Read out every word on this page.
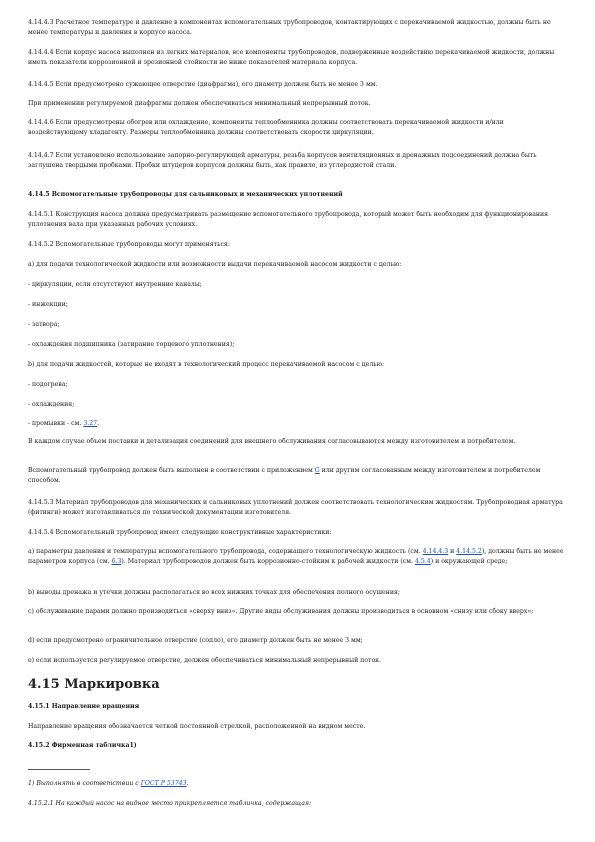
4.14.4.3 Расчетное температуре и давление в компонентах вспомогательных трубопроводов, контактирующих с перекачиваемой жидкостью, должны быть не менее температуры и давления в корпусе насоса.
4.14.4.4 Если корпус насоса выполнен из легких материалов, все компоненты трубопроводов, подверженные воздействию перекачиваемой жидкости, должны иметь показатели коррозионной и эрозионной стойкости не ниже показателей материала корпуса.
4.14.4.5 Если предусмотрено сужающее отверстие (диафрагма), его диаметр должен быть не менее 3 мм.
При применении регулируемой диафрагмы должен обеспечиваться минимальный непрерывный поток.
4.14.4.6 Если предусмотрены обогрев или охлаждение, компоненты теплообменника должны соответствовать перекачиваемой жидкости и/или воздействующему хладагенту. Размеры теплообменника должны соответствовать скорости циркуляции.
4.14.4.7 Если установлено использование запорно-регулирующей арматуры, резьба корпусов вентиляционных и дренажных подсоединений должна быть заглушена твердыми пробками. Пробки штуцеров корпусов должны быть, как правило, из углеродистой стали.
4.14.5 Вспомогательные трубопроводы для сальниковых и механических уплотнений
4.14.5.1 Конструкция насоса должна предусматривать размещение вспомогательного трубопровода, который может быть необходим для функционирования уплотнения вала при указанных рабочих условиях.
4.14.5.2 Вспомогательные трубопроводы могут применяться:
а) для подачи технологической жидкости или возможности выдачи перекачиваемой насосом жидкости с целью:
- циркуляции, если отсутствуют внутренние каналы;
- инжекции;
- затвора;
- охлаждения подшипника (затирание торцевого уплотнения);
b) для подачи жидкостей, которые не входят в технологический процесс перекачиваемой насосом с целью:
- подогрева;
- охлаждения;
- промывки - см. 3.27.
В каждом случае объем поставки и детализация соединений для внешнего обслуживания согласовываются между изготовителем и потребителем.
Вспомогательный трубопровод должен быть выполнен в соответствии с приложением G или другим согласованным между изготовителем и потребителем способом.
4.14.5.3 Материал трубопроводов для механических и сальниковых уплотнений должен соответствовать технологическим жидкостям. Трубопроводная арматура (фитинги) может изготавливаться по технической документации изготовителя.
4.14.5.4 Вспомогательный трубопровод имеет следующие конструктивные характеристики:
а) параметры давления и температуры вспомогательного трубопровода, содержащего технологическую жидкость (см. 4.14.4.3 и 4.14.5.2), должны быть не менее параметров корпуса (см. 6.3). Материал трубопроводов должен быть коррозионно-стойким к рабочей жидкости (см. 4.5.4) и окружающей среде;
b) выводы дренажа и утечки должны располагаться во всех нижних точках для обеспечения полного осушения;
с) обслуживание парами должно производиться «сверху вниз». Другие виды обслуживания должны производиться в основном «снизу или сбоку вверх»;
d) если предусмотрено ограничительное отверстие (сопло), его диаметр должен быть не менее 3 мм;
е) если используется регулируемое отверстие, должен обеспечиваться минимальный непрерывный поток.
4.15 Маркировка
4.15.1 Направление вращения
Направление вращения обозначается четкой постоянной стрелкой, расположенной на видном месте.
4.15.2 Фирменная табличка1)
1) Выполнять в соответствии с ГОСТ Р 53743.
4.15.2.1 На каждый насос на видное место прикрепляется табличка, содержащая:
